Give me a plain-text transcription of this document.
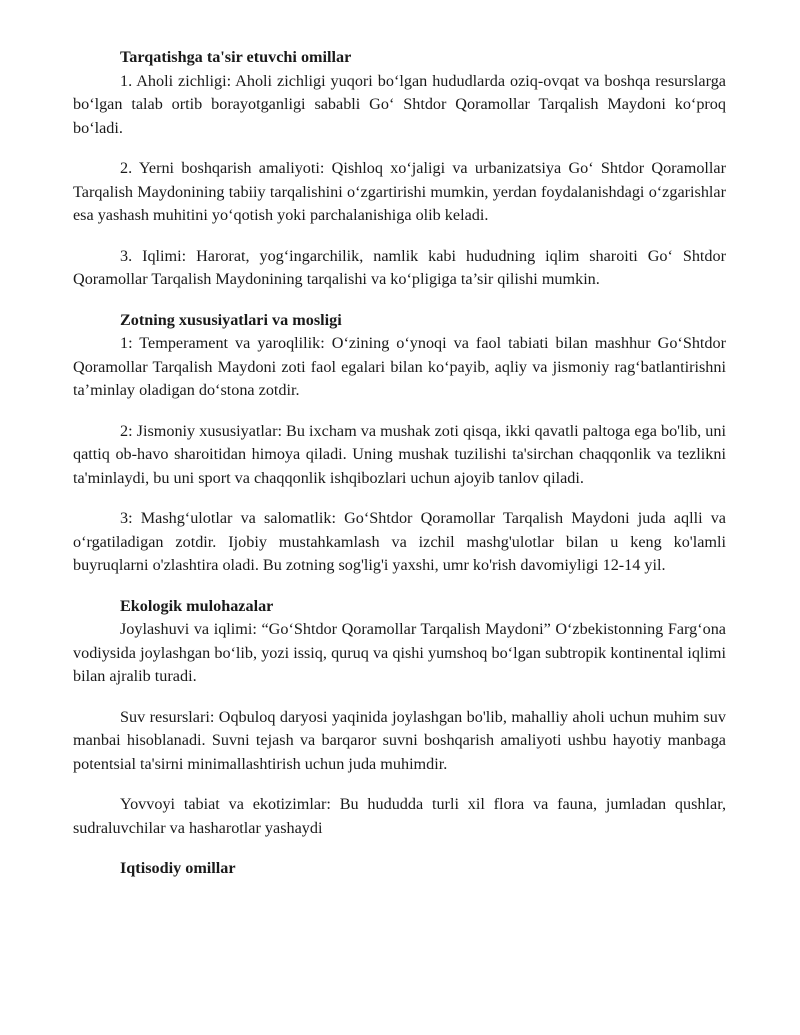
Tarqatishga ta'sir etuvchi omillar

1. Aholi zichligi: Aholi zichligi yuqori bo‘lgan hududlarda oziq-ovqat va boshqa resurslarga bo‘lgan talab ortib borayotganligi sababli Go‘ Shtdor Qoramollar Tarqalish Maydoni ko‘proq bo‘ladi.

2. Yerni boshqarish amaliyoti: Qishloq xo‘jaligi va urbanizatsiya Go‘ Shtdor Qoramollar Tarqalish Maydonining tabiiy tarqalishini o‘zgartirishi mumkin, yerdan foydalanishdagi o‘zgarishlar esa yashash muhitini yo‘qotish yoki parchalanishiga olib keladi.

3. Iqlimi: Harorat, yog‘ingarchilik, namlik kabi hududning iqlim sharoiti Go‘ Shtdor Qoramollar Tarqalish Maydonining tarqalishi va ko‘pligiga ta’sir qilishi mumkin.

Zotning xususiyatlari va mosligi

1: Temperament va yaroqlilik: O‘zining o‘ynoqi va faol tabiati bilan mashhur Go‘Shtdor Qoramollar Tarqalish Maydoni zoti faol egalari bilan ko‘payib, aqliy va jismoniy rag‘batlantirishni ta’minlay oladigan do‘stona zotdir.

2: Jismoniy xususiyatlar: Bu ixcham va mushak zoti qisqa, ikki qavatli paltoga ega bo'lib, uni qattiq ob-havo sharoitidan himoya qiladi. Uning mushak tuzilishi ta'sirchan chaqqonlik va tezlikni ta'minlaydi, bu uni sport va chaqqonlik ishqibozlari uchun ajoyib tanlov qiladi.

3: Mashg‘ulotlar va salomatlik: Go‘Shtdor Qoramollar Tarqalish Maydoni juda aqlli va o‘rgatiladigan zotdir. Ijobiy mustahkamlash va izchil mashg'ulotlar bilan u keng ko'lamli buyruqlarni o'zlashtira oladi. Bu zotning sog'lig'i yaxshi, umr ko'rish davomiyligi 12-14 yil.

Ekologik mulohazalar

Joylashuvi va iqlimi: “Go‘Shtdor Qoramollar Tarqalish Maydoni” O‘zbekistonning Farg‘ona vodiysida joylashgan bo‘lib, yozi issiq, quruq va qishi yumshoq bo‘lgan subtropik kontinental iqlimi bilan ajralib turadi.

Suv resurslari: Oqbuloq daryosi yaqinida joylashgan bo'lib, mahalliy aholi uchun muhim suv manbai hisoblanadi. Suvni tejash va barqaror suvni boshqarish amaliyoti ushbu hayotiy manbaga potentsial ta'sirni minimallashtirish uchun juda muhimdir.

Yovvoyi tabiat va ekotizimlar: Bu hududda turli xil flora va fauna, jumladan qushlar, sudraluvchilar va hasharotlar yashaydi

Iqtisodiy omillar
